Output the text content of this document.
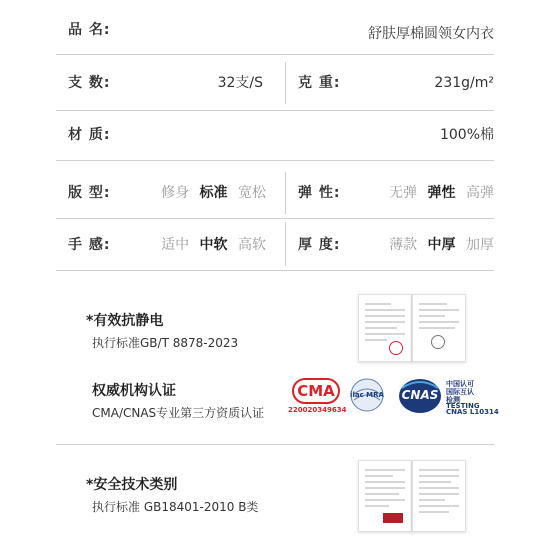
品 名:	舒肤厚棉圆领女内衣
支 数:	32支/S	克 重:	231g/m²
材 质:	100%棉
版 型:	修身 标准 宽松 弹 性:	无弹 弹性 高弹
手 感:	适中 中软 高软 厚 度:	薄款 中厚 加厚
*有效抗静电
执行标准GB/T 8878-2023
权威机构认证
CMA/CNAS专业第三方资质认证
CMA
220020349634
ilac MRA	CNAS
中国认可
国际互认
检测
TESTING
CNAS L10314
*安全技术类别
执行标准 GB18401-2010 B类
